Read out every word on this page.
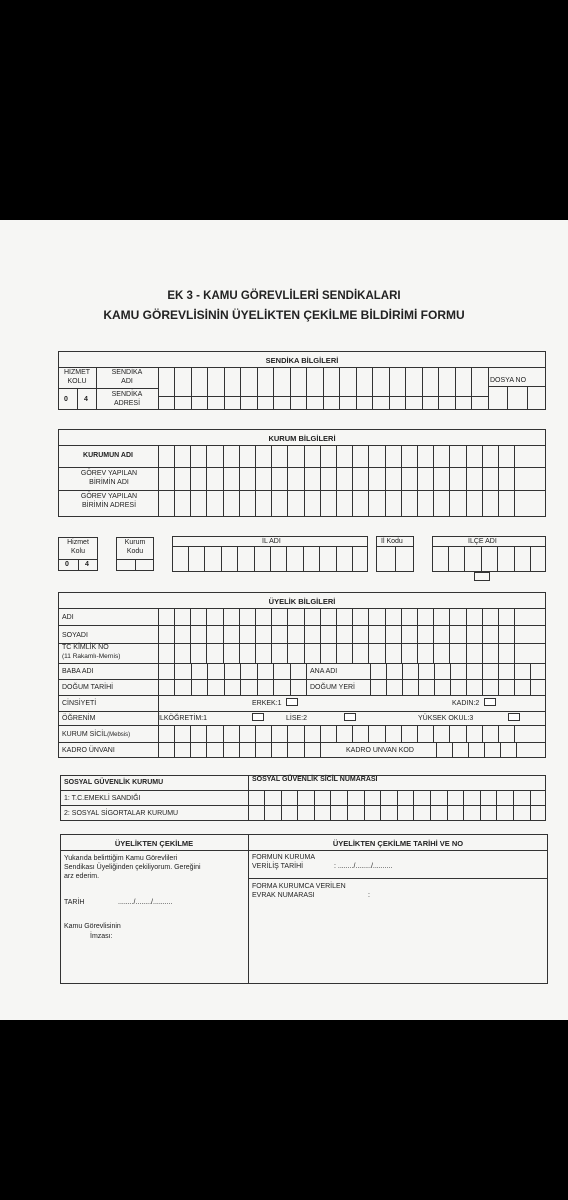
EK 3 - KAMU GÖREVLİLERİ SENDİKALARI
KAMU GÖREVLİSİNİN ÜYELİKTEN ÇEKİLME BİLDİRİMİ FORMU
SENDİKA BİLGİLERİ
HİZMET KOLU
SENDİKA ADI
SENDİKA ADRESİ
0 4
DOSYA NO
KURUM BİLGİLERİ
KURUMUN ADI
GÖREV YAPILAN BİRİMİN ADI
GÖREV YAPILAN BİRİMİN ADRESİ
Hizmet Kolu
0 4
Kurum Kodu
İL ADI	İl Kodu	İLÇE ADI
ÜYELİK BİLGİLERİ
ADI
SOYADI
TC KİMLİK NO
(11 Rakamlı-Mernis)
BABA ADI	ANA ADI
DOĞUM TARİHİ	DOĞUM YERİ
CİNSİYETİ	ERKEK:1	KADIN:2
ÖĞRENİM	İLKÖĞRETİM:1	LİSE:2	YÜKSEK OKUL:3
KURUM SİCİL(Mebsis)
KADRO ÜNVANI	KADRO UNVAN KOD
SOSYAL GÜVENLİK KURUMU	SOSYAL GÜVENLİK SİCİL NUMARASI
1: T.C.EMEKLİ SANDIĞI
2: SOSYAL SİGORTALAR KURUMU
ÜYELİKTEN ÇEKİLME	ÜYELİKTEN ÇEKİLME TARİHİ VE NO
Yukarıda belirttiğim Kamu Görevlileri
Sendikası Üyeliğinden çekiliyorum. Gereğini
arz ederim.
TARİH	......../......../..........
Kamu Görevlisinin
İmzası:
FORMUN KURUMA
VERİLİŞ TARİHİ	: ......../......../..........
FORMA KURUMCA VERİLEN
EVRAK NUMARASI	:
